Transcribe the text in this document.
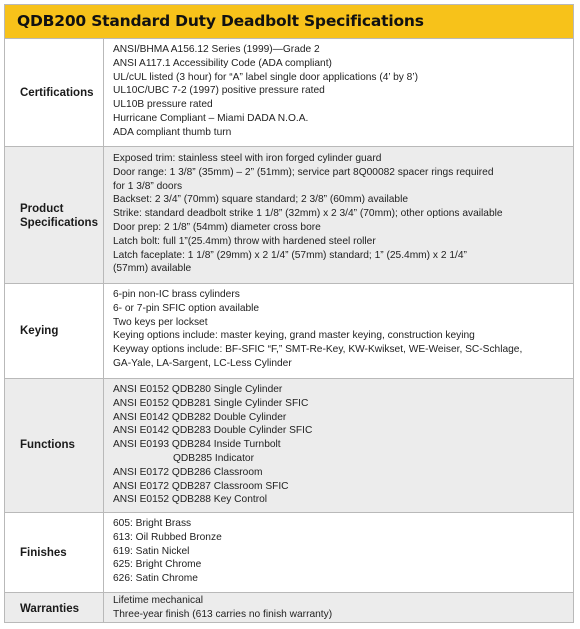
QDB200 Standard Duty Deadbolt Specifications
Certifications
ANSI/BHMA A156.12 Series (1999)—Grade 2
ANSI A117.1 Accessibility Code (ADA compliant)
UL/cUL listed (3 hour) for “A” label single door applications (4’ by 8’)
UL10C/UBC 7-2 (1997) positive pressure rated
UL10B pressure rated
Hurricane Compliant – Miami DADA N.O.A.
ADA compliant thumb turn
Product
Specifications
Exposed trim: stainless steel with iron forged cylinder guard
Door range: 1 3/8” (35mm) – 2” (51mm); service part 8Q00082 spacer rings required
for 1 3/8” doors
Backset: 2 3/4” (70mm) square standard; 2 3/8” (60mm) available
Strike: standard deadbolt strike 1 1/8” (32mm) x 2 3/4” (70mm); other options available
Door prep: 2 1/8” (54mm) diameter cross bore
Latch bolt: full 1”(25.4mm) throw with hardened steel roller
Latch faceplate: 1 1/8” (29mm) x 2 1/4” (57mm) standard; 1” (25.4mm) x 2 1/4”
(57mm) available
Keying
6-pin non-IC brass cylinders
6- or 7-pin SFIC option available
Two keys per lockset
Keying options include: master keying, grand master keying, construction keying
Keyway options include: BF-SFIC “F,” SMT-Re-Key, KW-Kwikset, WE-Weiser, SC-Schlage,
GA-Yale, LA-Sargent, LC-Less Cylinder
Functions
ANSI E0152 QDB280 Single Cylinder
ANSI E0152 QDB281 Single Cylinder SFIC
ANSI E0142 QDB282 Double Cylinder
ANSI E0142 QDB283 Double Cylinder SFIC
ANSI E0193 QDB284 Inside Turnbolt
QDB285 Indicator
ANSI E0172 QDB286 Classroom
ANSI E0172 QDB287 Classroom SFIC
ANSI E0152 QDB288 Key Control
Finishes
605: Bright Brass
613: Oil Rubbed Bronze
619: Satin Nickel
625: Bright Chrome
626: Satin Chrome
Warranties
Lifetime mechanical
Three-year finish (613 carries no finish warranty)
